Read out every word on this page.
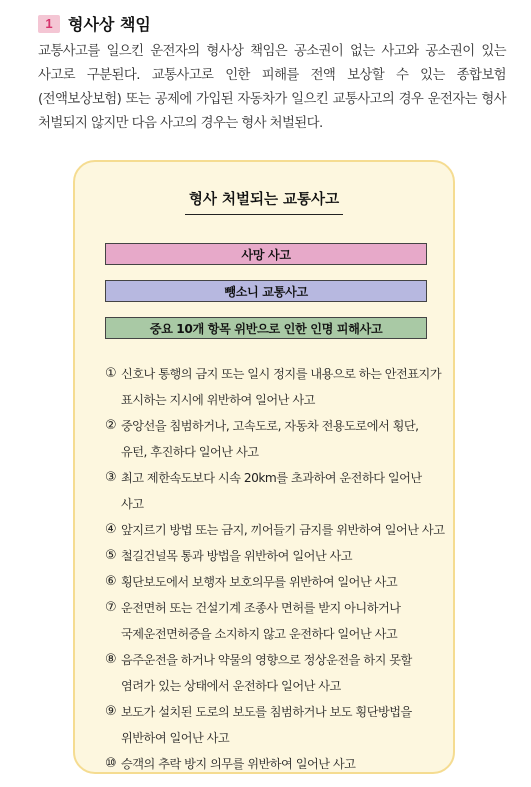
1 형사상 책임

교통사고를 일으킨 운전자의 형사상 책임은 공소권이 없는 사고와 공소권이 있는 사고로 구분된다. 교통사고로 인한 피해를 전액 보상할 수 있는 종합보험(전액보상보험) 또는 공제에 가입된 자동차가 일으킨 교통사고의 경우 운전자는 형사 처벌되지 않지만 다음 사고의 경우는 형사 처벌된다.

형사 처벌되는 교통사고
사망 사고
뺑소니 교통사고
중요 10개 항목 위반으로 인한 인명 피해사고
① 신호나 통행의 금지 또는 일시 정지를 내용으로 하는 안전표지가 표시하는 지시에 위반하여 일어난 사고
② 중앙선을 침범하거나, 고속도로, 자동차 전용도로에서 횡단, 유턴, 후진하다 일어난 사고
③ 최고 제한속도보다 시속 20km를 초과하여 운전하다 일어난 사고
④ 앞지르기 방법 또는 금지, 끼어들기 금지를 위반하여 일어난 사고
⑤ 철길건널목 통과 방법을 위반하여 일어난 사고
⑥ 횡단보도에서 보행자 보호의무를 위반하여 일어난 사고
⑦ 운전면허 또는 건설기계 조종사 면허를 받지 아니하거나 국제운전면허증을 소지하지 않고 운전하다 일어난 사고
⑧ 음주운전을 하거나 약물의 영향으로 정상운전을 하지 못할 염려가 있는 상태에서 운전하다 일어난 사고
⑨ 보도가 설치된 도로의 보도를 침범하거나 보도 횡단방법을 위반하여 일어난 사고
⑩ 승객의 추락 방지 의무를 위반하여 일어난 사고
